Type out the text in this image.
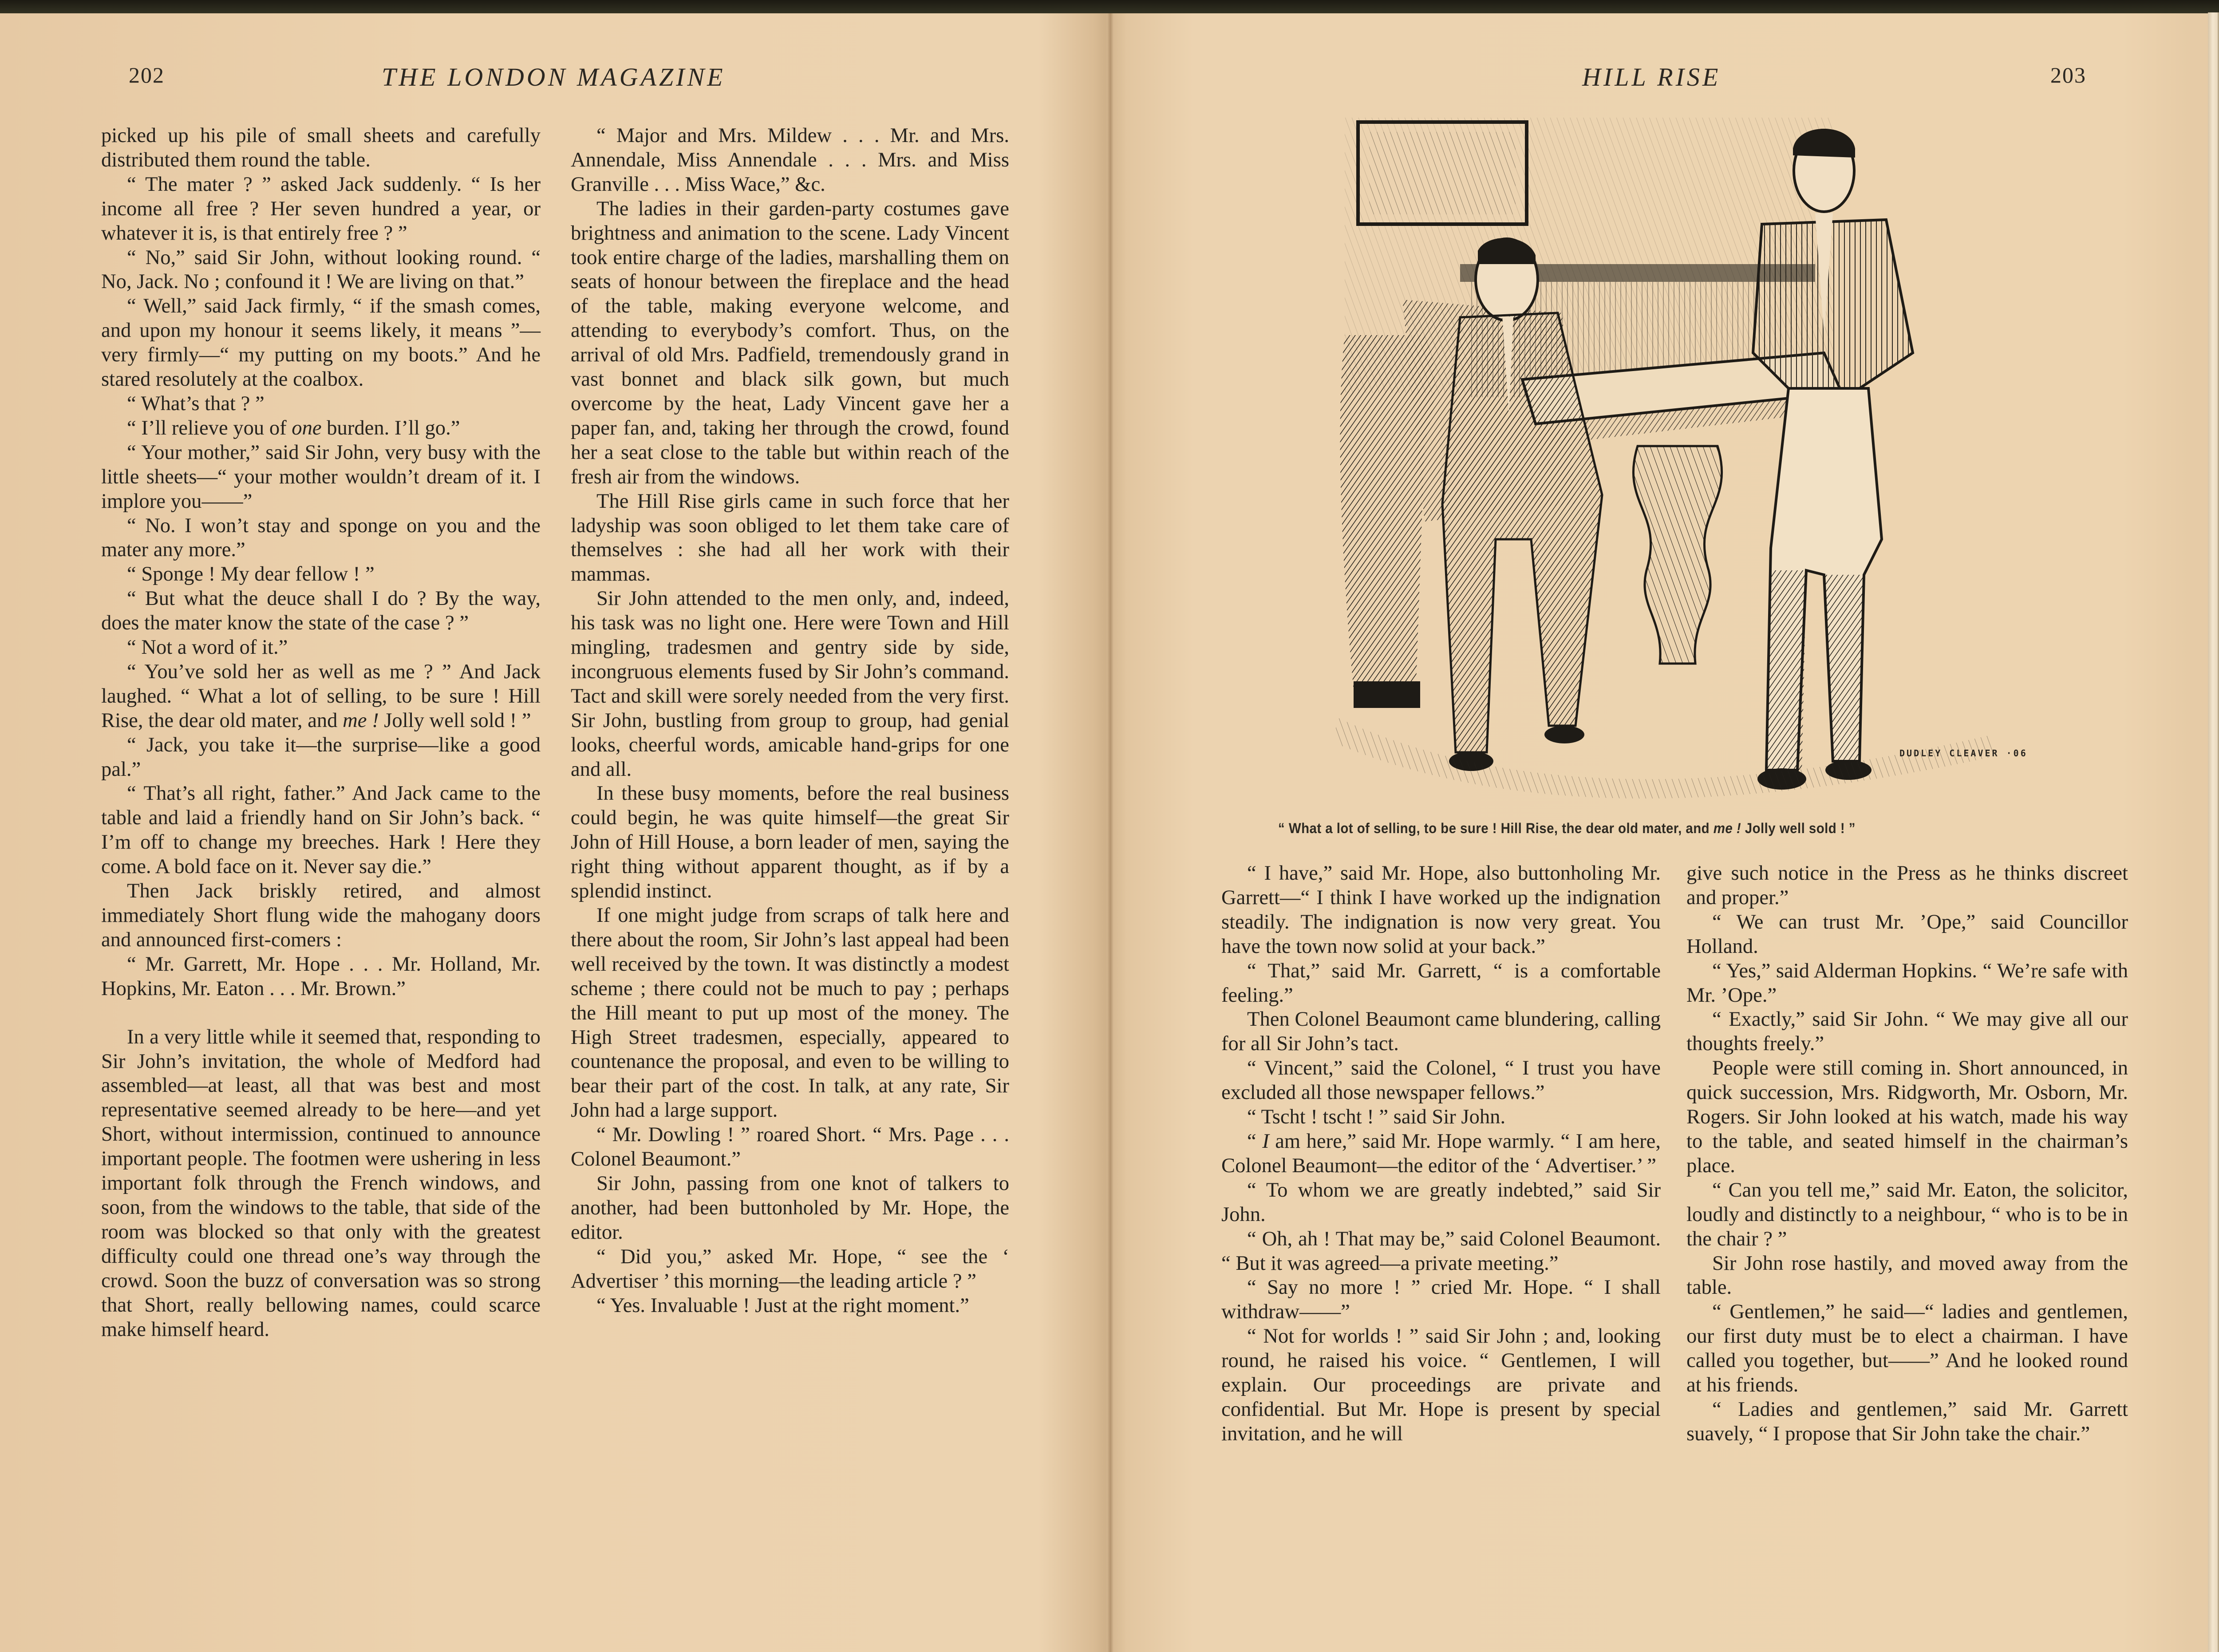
202	THE LONDON MAGAZINE

picked up his pile of small sheets and carefully distributed them round the table.

“ The mater ? ” asked Jack suddenly. “ Is her income all free ? Her seven hundred a year, or whatever it is, is that entirely free ? ”

“ No,” said Sir John, without looking round. “ No, Jack. No ; confound it ! We are living on that.”

“ Well,” said Jack firmly, “ if the smash comes, and upon my honour it seems likely, it means ”—very firmly—“ my putting on my boots.” And he stared resolutely at the coalbox.

“ What’s that ? ”

“ I’ll relieve you of one burden. I’ll go.”

“ Your mother,” said Sir John, very busy with the little sheets—“ your mother wouldn’t dream of it. I implore you——”

“ No. I won’t stay and sponge on you and the mater any more.”

“ Sponge ! My dear fellow ! ”

“ But what the deuce shall I do ? By the way, does the mater know the state of the case ? ”

“ Not a word of it.”

“ You’ve sold her as well as me ? ” And Jack laughed. “ What a lot of selling, to be sure ! Hill Rise, the dear old mater, and me ! Jolly well sold ! ”

“ Jack, you take it—the surprise—like a good pal.”

“ That’s all right, father.” And Jack came to the table and laid a friendly hand on Sir John’s back. “ I’m off to change my breeches. Hark ! Here they come. A bold face on it. Never say die.”

Then Jack briskly retired, and almost immediately Short flung wide the mahogany doors and announced first-comers :

“ Mr. Garrett, Mr. Hope . . . Mr. Holland, Mr. Hopkins, Mr. Eaton . . . Mr. Brown.”

In a very little while it seemed that, responding to Sir John’s invitation, the whole of Medford had assembled—at least, all that was best and most representative seemed already to be here—and yet Short, without intermission, continued to announce important people. The footmen were ushering in less important folk through the French windows, and soon, from the windows to the table, that side of the room was blocked so that only with the greatest difficulty could one thread one’s way through the crowd. Soon the buzz of conversation was so strong that Short, really bellowing names, could scarce make himself heard.

“ Major and Mrs. Mildew . . . Mr. and Mrs. Annendale, Miss Annendale . . . Mrs. and Miss Granville . . . Miss Wace,” &c.

The ladies in their garden-party costumes gave brightness and animation to the scene. Lady Vincent took entire charge of the ladies, marshalling them on seats of honour between the fireplace and the head of the table, making everyone welcome, and attending to everybody’s comfort. Thus, on the arrival of old Mrs. Padfield, tremendously grand in vast bonnet and black silk gown, but much overcome by the heat, Lady Vincent gave her a paper fan, and, taking her through the crowd, found her a seat close to the table but within reach of the fresh air from the windows.

The Hill Rise girls came in such force that her ladyship was soon obliged to let them take care of themselves : she had all her work with their mammas.

Sir John attended to the men only, and, indeed, his task was no light one. Here were Town and Hill mingling, tradesmen and gentry side by side, incongruous elements fused by Sir John’s command. Tact and skill were sorely needed from the very first. Sir John, bustling from group to group, had genial looks, cheerful words, amicable hand-grips for one and all.

In these busy moments, before the real business could begin, he was quite himself—the great Sir John of Hill House, a born leader of men, saying the right thing without apparent thought, as if by a splendid instinct.

If one might judge from scraps of talk here and there about the room, Sir John’s last appeal had been well received by the town. It was distinctly a modest scheme ; there could not be much to pay ; perhaps the Hill meant to put up most of the money. The High Street tradesmen, especially, appeared to countenance the proposal, and even to be willing to bear their part of the cost. In talk, at any rate, Sir John had a large support.

“ Mr. Dowling ! ” roared Short. “ Mrs. Page . . . Colonel Beaumont.”

Sir John, passing from one knot of talkers to another, had been buttonholed by Mr. Hope, the editor.

“ Did you,” asked Mr. Hope, “ see the ‘ Advertiser ’ this morning—the leading article ? ”

“ Yes. Invaluable ! Just at the right moment.”

HILL RISE	203
DUDLEY CLEAVER ·06
“ What a lot of selling, to be sure ! Hill Rise, the dear old mater, and me ! Jolly well sold ! ”

“ I have,” said Mr. Hope, also buttonholing Mr. Garrett—“ I think I have worked up the indignation steadily. The indignation is now very great. You have the town now solid at your back.”

“ That,” said Mr. Garrett, “ is a comfortable feeling.”

Then Colonel Beaumont came blundering, calling for all Sir John’s tact.

“ Vincent,” said the Colonel, “ I trust you have excluded all those newspaper fellows.”

“ Tscht ! tscht ! ” said Sir John.

“ I am here,” said Mr. Hope warmly. “ I am here, Colonel Beaumont—the editor of the ‘ Advertiser.’ ”

“ To whom we are greatly indebted,” said Sir John.

“ Oh, ah ! That may be,” said Colonel Beaumont. “ But it was agreed—a private meeting.”

“ Say no more ! ” cried Mr. Hope. “ I shall withdraw——”

“ Not for worlds ! ” said Sir John ; and, looking round, he raised his voice. “ Gentlemen, I will explain. Our proceedings are private and confidential. But Mr. Hope is present by special invitation, and he will

give such notice in the Press as he thinks discreet and proper.”

“ We can trust Mr. ’Ope,” said Councillor Holland.

“ Yes,” said Alderman Hopkins. “ We’re safe with Mr. ’Ope.”

“ Exactly,” said Sir John. “ We may give all our thoughts freely.”

People were still coming in. Short announced, in quick succession, Mrs. Ridgworth, Mr. Osborn, Mr. Rogers. Sir John looked at his watch, made his way to the table, and seated himself in the chairman’s place.

“ Can you tell me,” said Mr. Eaton, the solicitor, loudly and distinctly to a neighbour, “ who is to be in the chair ? ”

Sir John rose hastily, and moved away from the table.

“ Gentlemen,” he said—“ ladies and gentlemen, our first duty must be to elect a chairman. I have called you together, but——” And he looked round at his friends.

“ Ladies and gentlemen,” said Mr. Garrett suavely, “ I propose that Sir John take the chair.”
